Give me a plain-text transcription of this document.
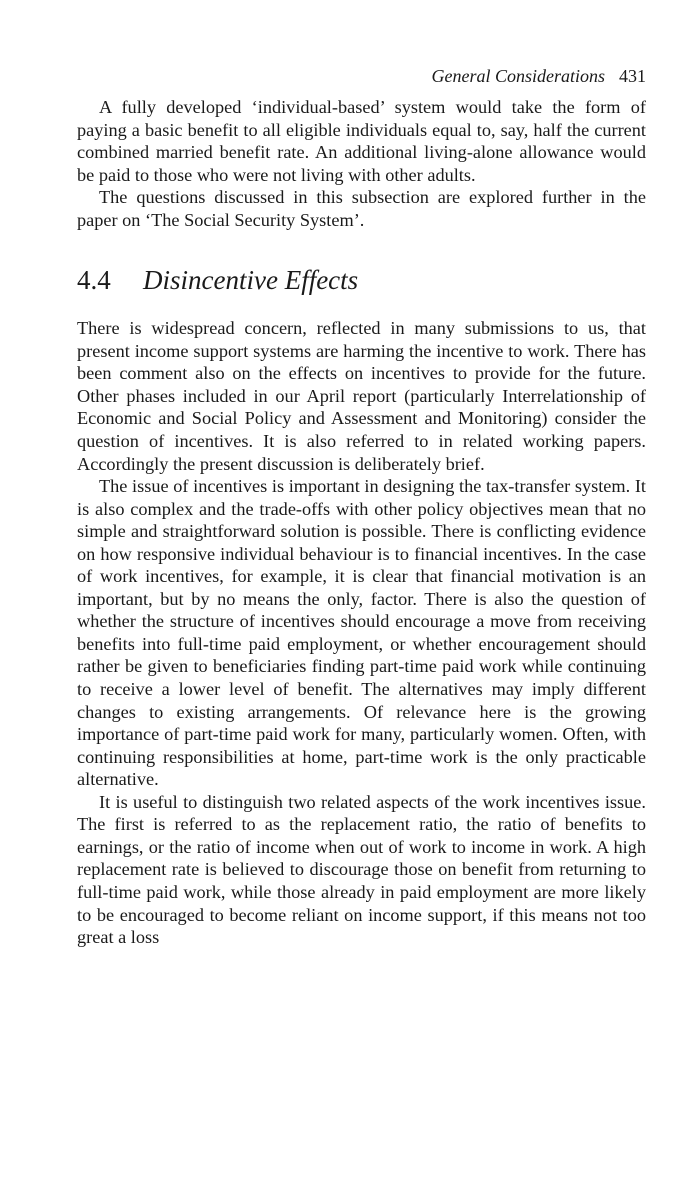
General Considerations 431

A fully developed ‘individual-based’ system would take the form of paying a basic benefit to all eligible individuals equal to, say, half the current combined married benefit rate. An additional living-alone allowance would be paid to those who were not living with other adults.

The questions discussed in this subsection are explored further in the paper on ‘The Social Security System’.

4.4 Disincentive Effects

There is widespread concern, reflected in many submissions to us, that present income support systems are harming the incentive to work. There has been comment also on the effects on incentives to provide for the future. Other phases included in our April report (particularly Interrelationship of Economic and Social Policy and Assessment and Monitoring) consider the question of incentives. It is also referred to in related working papers. Accordingly the present discussion is deliberately brief.

The issue of incentives is important in designing the tax-transfer system. It is also complex and the trade-offs with other policy objectives mean that no simple and straightforward solution is possible. There is conflicting evidence on how responsive individual behaviour is to financial incentives. In the case of work incentives, for example, it is clear that financial motivation is an important, but by no means the only, factor. There is also the question of whether the structure of incentives should encourage a move from receiving benefits into full-time paid employment, or whether encouragement should rather be given to beneficiaries finding part-time paid work while continuing to receive a lower level of benefit. The alternatives may imply different changes to existing arrangements. Of relevance here is the growing importance of part-time paid work for many, particularly women. Often, with continuing responsibilities at home, part-time work is the only practicable alternative.

It is useful to distinguish two related aspects of the work incentives issue. The first is referred to as the replacement ratio, the ratio of benefits to earnings, or the ratio of income when out of work to income in work. A high replacement rate is believed to discourage those on benefit from returning to full-time paid work, while those already in paid employment are more likely to be encouraged to become reliant on income support, if this means not too great a loss
